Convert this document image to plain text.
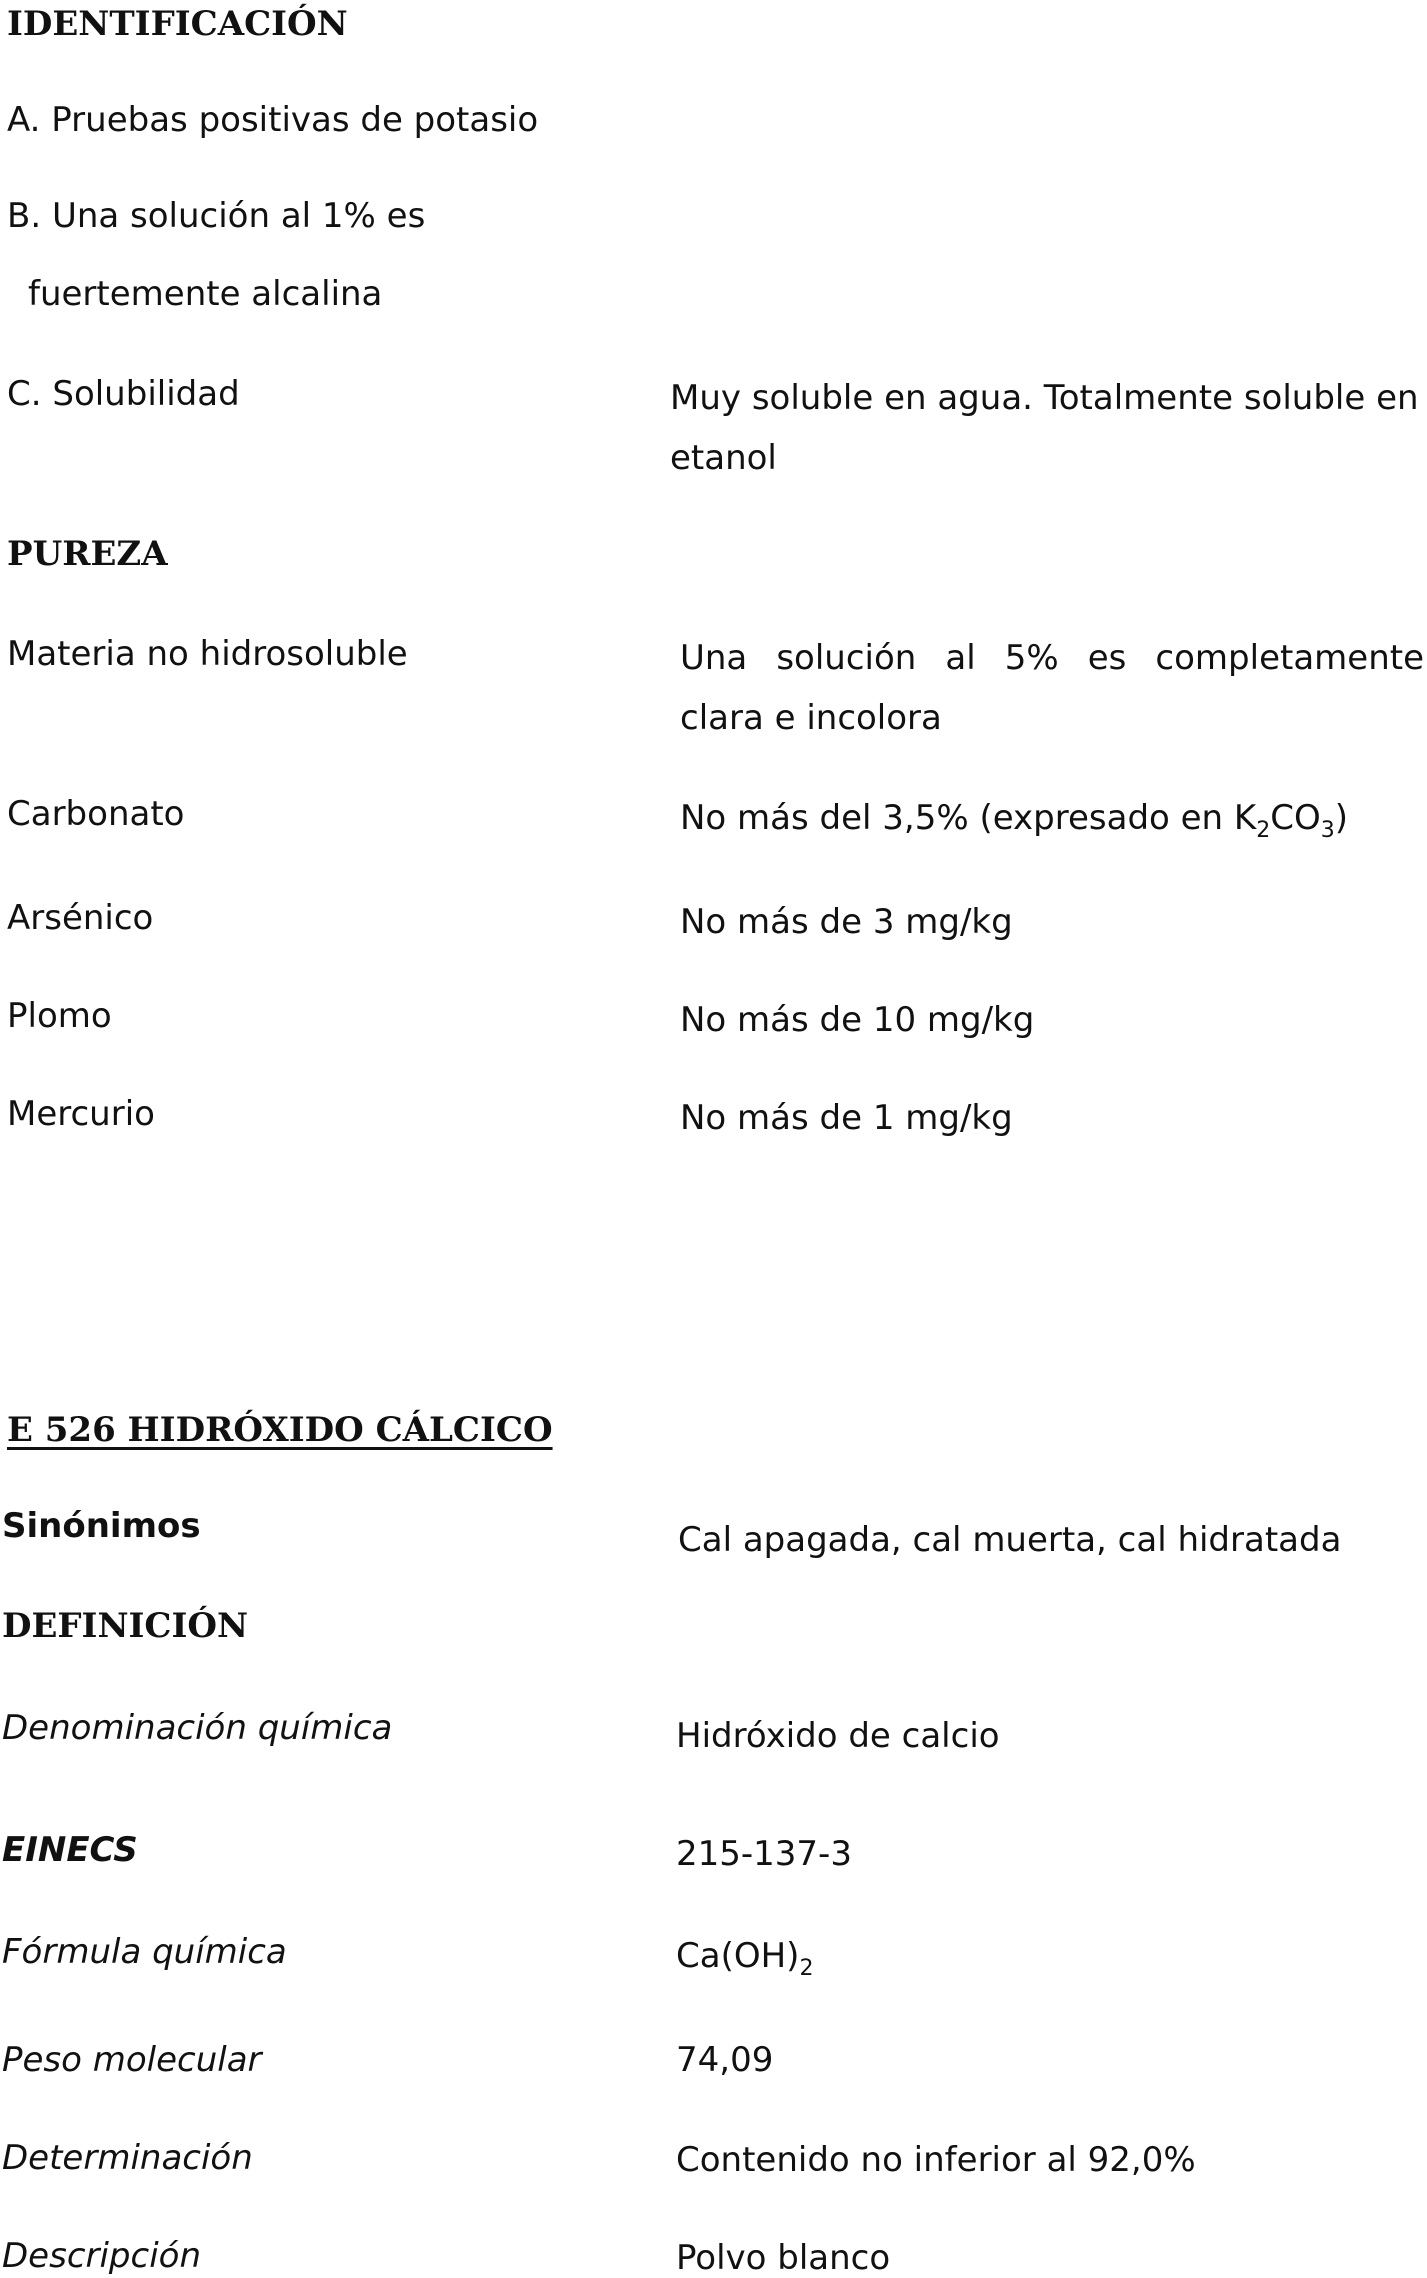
IDENTIFICACIÓN
A. Pruebas positivas de potasio
B. Una solución al 1% es
fuertemente alcalina
C. Solubilidad	Muy soluble en agua. Totalmente soluble en
etanol
PUREZA
Materia no hidrosoluble	Una solución al 5% es completamente
clara e incolora
Carbonato	No más del 3,5% (expresado en $K_2CO_3$)
Arsénico	No más de 3 mg/kg
Plomo	No más de 10 mg/kg
Mercurio	No más de 1 mg/kg
E 526 HIDRÓXIDO CÁLCICO
Sinónimos	Cal apagada, cal muerta, cal hidratada
DEFINICIÓN
Denominación química	Hidróxido de calcio
EINECS	215-137-3
Fórmula química	$Ca(OH)_2$
Peso molecular	74,09
Determinación	Contenido no inferior al 92,0%
Descripción	Polvo blanco
